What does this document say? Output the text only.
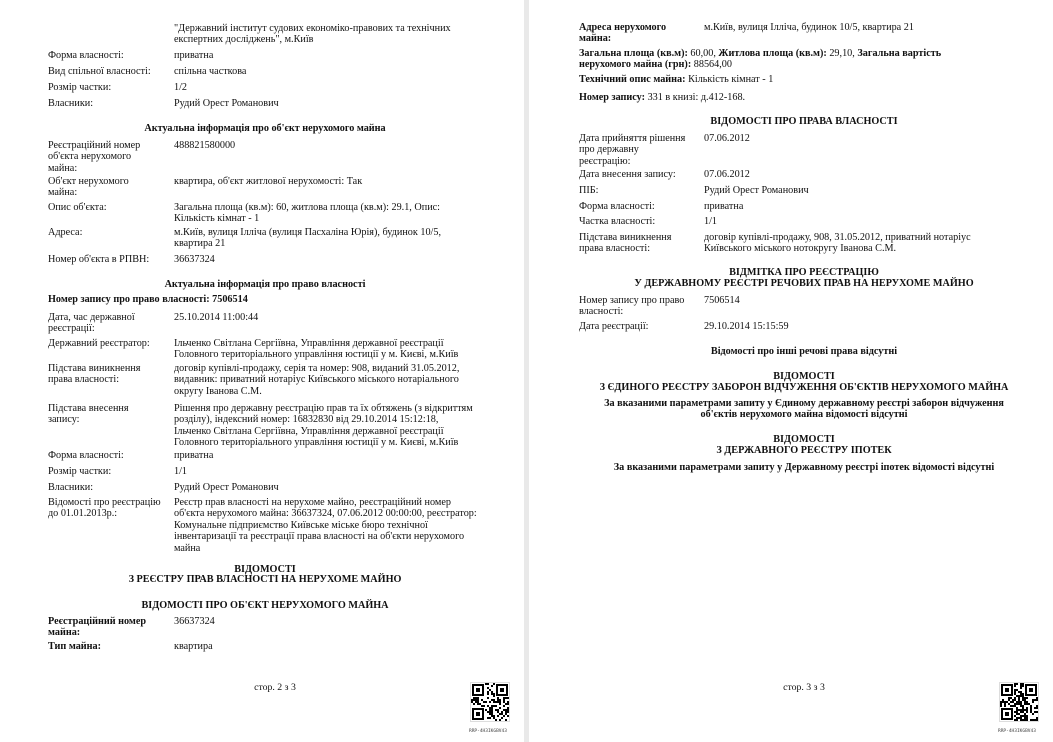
"Державний інститут судових економіко-правових та технічних експертних досліджень", м.Київ
Форма власності:	приватна
Вид спільної власності:	спільна часткова
Розмір частки:	1/2
Власники:	Рудий Орест Романович
Актуальна інформація про об'єкт нерухомого майна
Реєстраційний номер
об'єкта нерухомого
майна:
488821580000
Об'єкт нерухомого
майна:
квартира, об'єкт житлової нерухомості: Так
Опис об'єкта:	Загальна площа (кв.м): 60, житлова площа (кв.м): 29.1, Опис:
Кількість кімнат - 1
Адреса:	м.Київ, вулиця Ілліча (вулиця Пасхаліна Юрія), будинок 10/5,
квартира 21
Номер об'єкта в РПВН:	36637324
Актуальна інформація про право власності
Номер запису про право власності: 7506514
Дата, час державної
реєстрації:
25.10.2014 11:00:44
Державний реєстратор:	Ільченко Світлана Сергіївна, Управління державної реєстрації
Головного територіального управління юстиції у м. Києві, м.Київ
Підстава виникнення
права власності:
договір купівлі-продажу, серія та номер: 908, виданий 31.05.2012,
видавник: приватний нотаріус Київського міського нотаріального
округу Іванова С.М.
Підстава внесення
запису:
Рішення про державну реєстрацію прав та їх обтяжень (з відкриттям
розділу), індексний номер: 16832830 від 29.10.2014 15:12:18,
Ільченко Світлана Сергіївна, Управління державної реєстрації
Головного територіального управління юстиції у м. Києві, м.Київ
Форма власності:	приватна
Розмір частки:	1/1
Власники:	Рудий Орест Романович
Відомості про реєстрацію
до 01.01.2013р.:
Реєстр прав власності на нерухоме майно, реєстраційний номер
об'єкта нерухомого майна: 36637324, 07.06.2012 00:00:00, реєстратор:
Комунальне підприємство Київське міське бюро технічної
інвентаризації та реєстрації права власності на об'єкти нерухомого
майна
ВІДОМОСТІ
З РЕЄСТРУ ПРАВ ВЛАСНОСТІ НА НЕРУХОМЕ МАЙНО
ВІДОМОСТІ ПРО ОБ'ЄКТ НЕРУХОМОГО МАЙНА
Реєстраційний номер
майна:
36637324
Тип майна:	квартира
стор. 2 з 3
RRP-4H3IKGBV43
Адреса нерухомого
майна:
м.Київ, вулиця Ілліча, будинок 10/5, квартира 21
Загальна площа (кв.м): 60,00, Житлова площа (кв.м): 29,10, Загальна вартість
нерухомого майна (грн): 88564,00
Технічний опис майна: Кількість кімнат - 1
Номер запису: 331 в книзі: д.412-168.
ВІДОМОСТІ ПРО ПРАВА ВЛАСНОСТІ
Дата прийняття рішення
про державну
реєстрацію:
07.06.2012
Дата внесення запису:	07.06.2012
ПІБ:	Рудий Орест Романович
Форма власності:	приватна
Частка власності:	1/1
Підстава виникнення
права власності:
договір купівлі-продажу, 908, 31.05.2012, приватний нотаріус
Київського міського нотокругу Іванова С.М.
ВІДМІТКА ПРО РЕЄСТРАЦІЮ
У ДЕРЖАВНОМУ РЕЄСТРІ РЕЧОВИХ ПРАВ НА НЕРУХОМЕ МАЙНО
Номер запису про право
власності:
7506514
Дата реєстрації:	29.10.2014 15:15:59
Відомості про інші речові права відсутні
ВІДОМОСТІ
З ЄДИНОГО РЕЄСТРУ ЗАБОРОН ВІДЧУЖЕННЯ ОБ'ЄКТІВ НЕРУХОМОГО МАЙНА
За вказаними параметрами запиту у Єдиному державному реєстрі заборон відчуження
об'єктів нерухомого майна відомості відсутні
ВІДОМОСТІ
З ДЕРЖАВНОГО РЕЄСТРУ ІПОТЕК
За вказаними параметрами запиту у Державному реєстрі іпотек відомості відсутні
стор. 3 з 3
RRP-4H3IKGBV43
